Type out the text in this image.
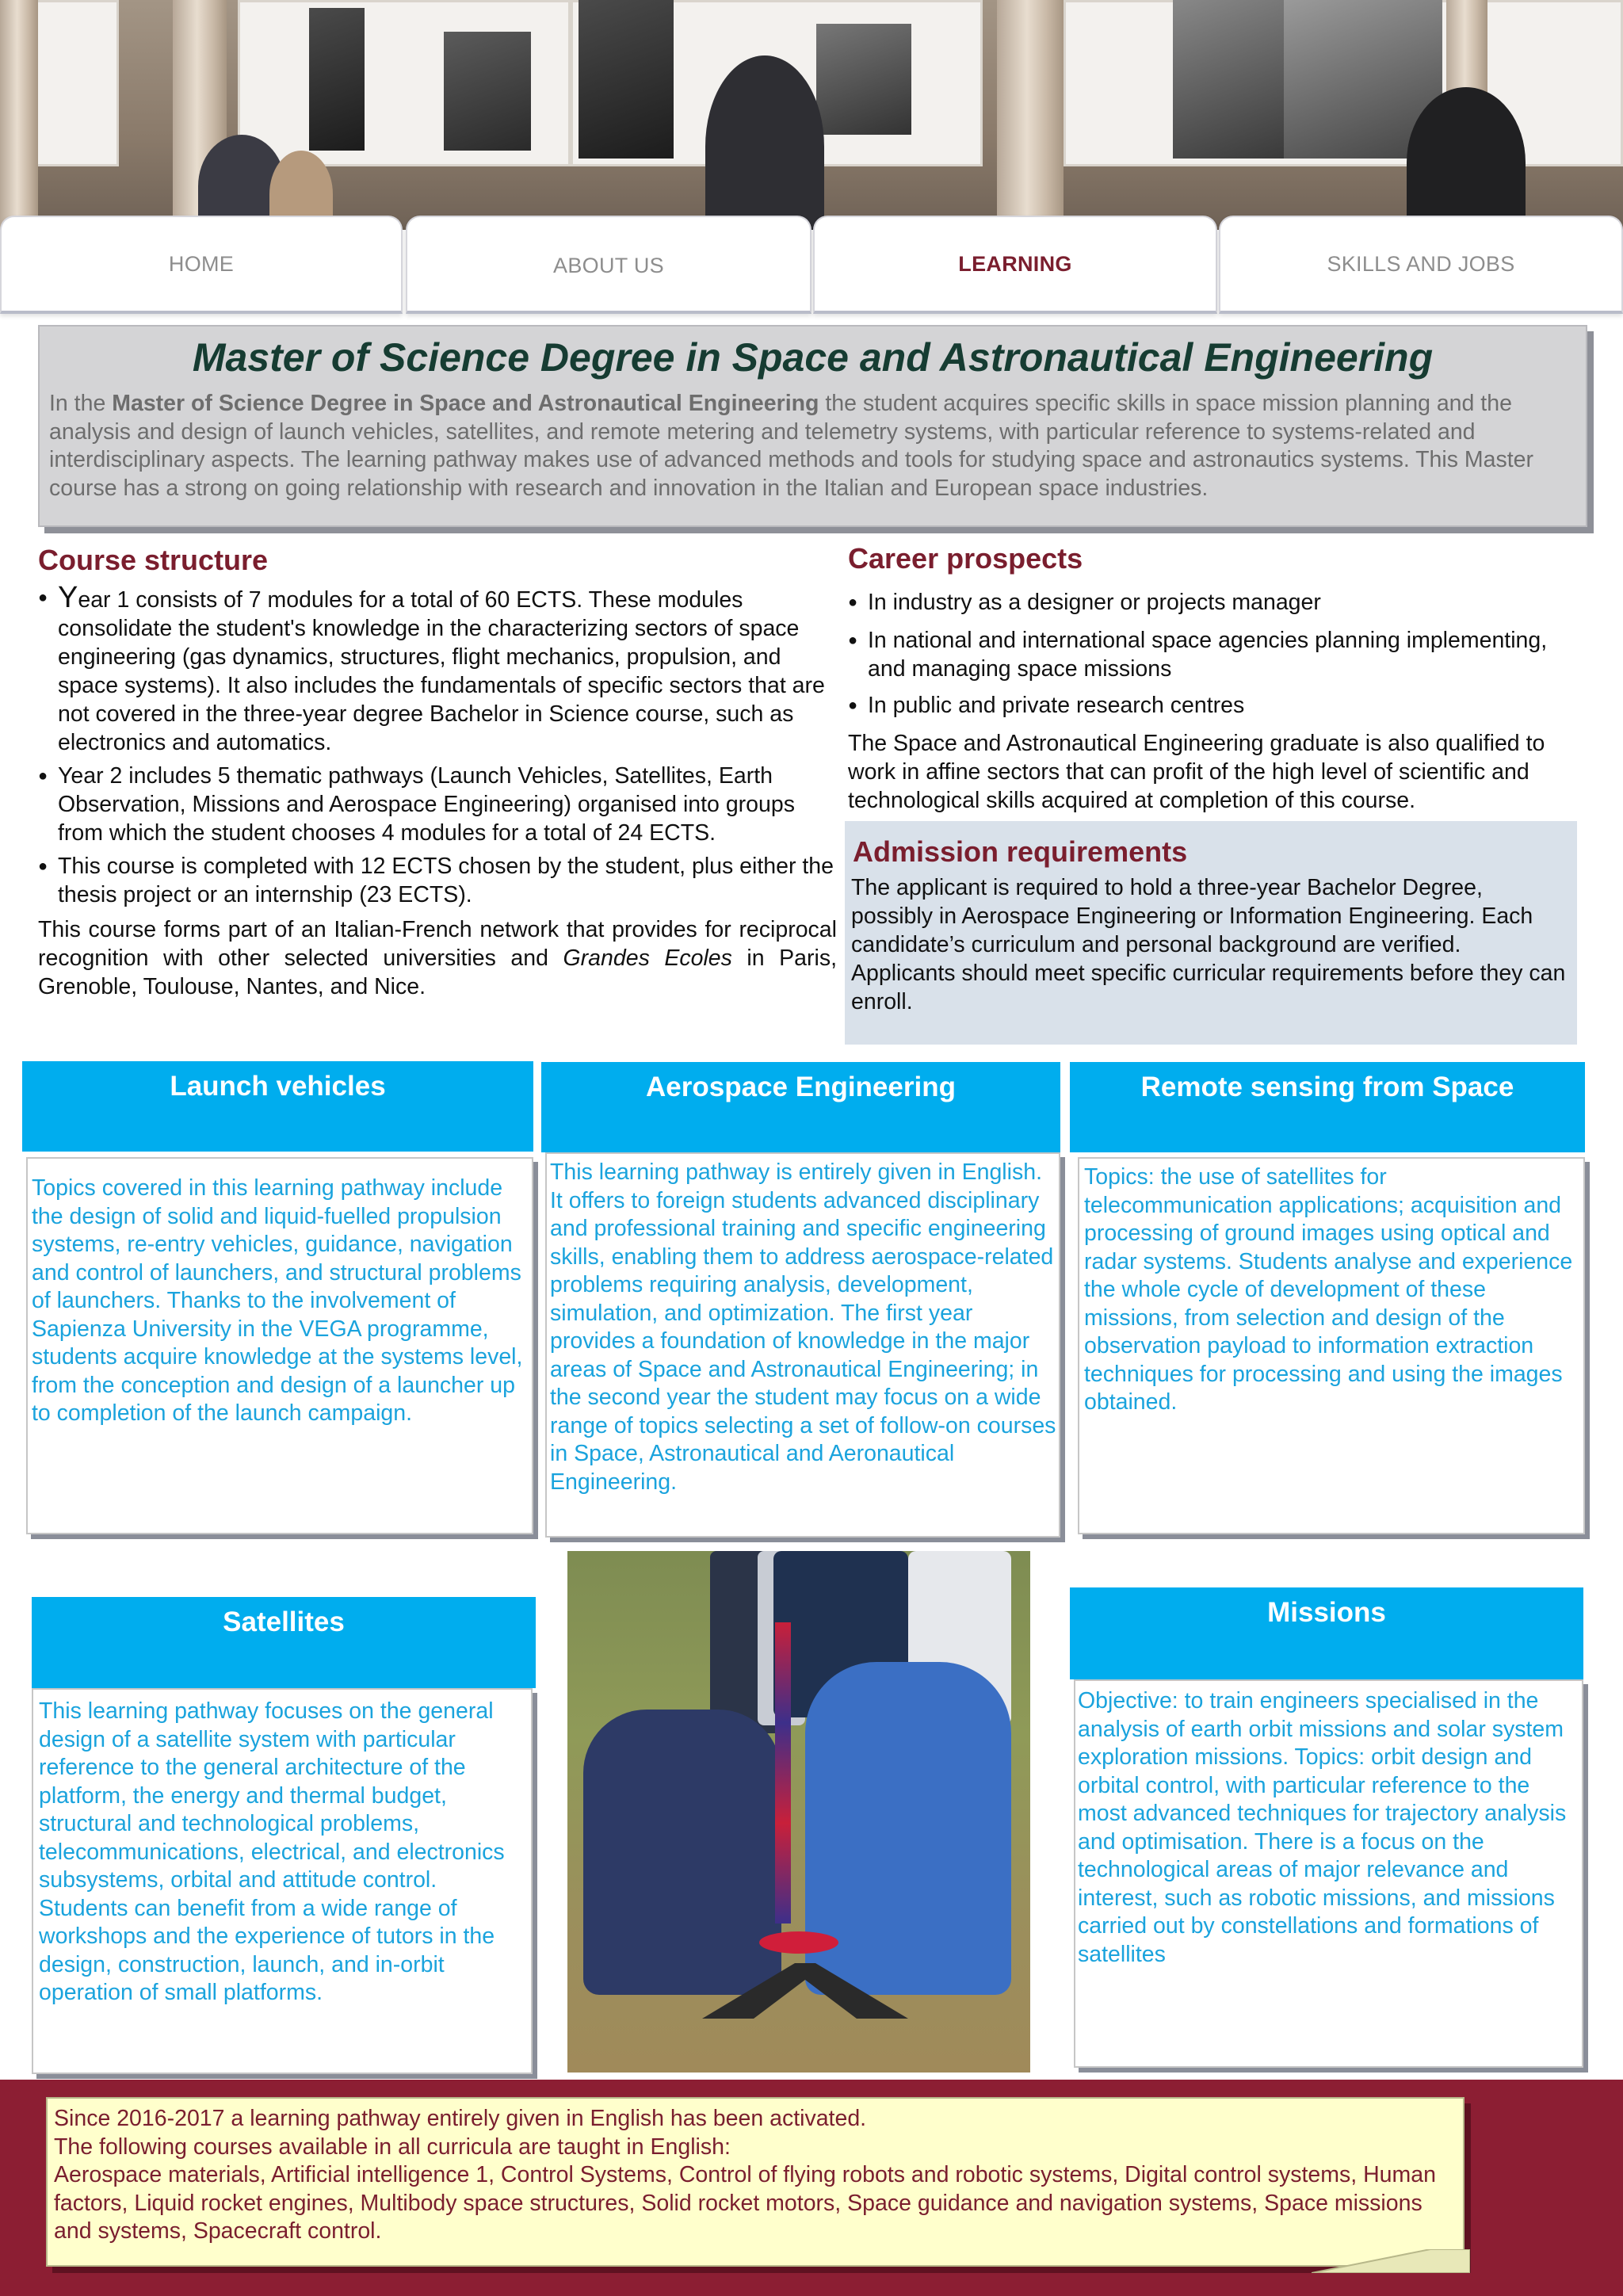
HOME	ABOUT US	LEARNING	SKILLS AND JOBS
Master of Science Degree in Space and Astronautical Engineering

In the Master of Science Degree in Space and Astronautical Engineering the student acquires specific skills in space mission planning and the analysis and design of launch vehicles, satellites, and remote metering and telemetry systems, with particular reference to systems-related and interdisciplinary aspects. The learning pathway makes use of advanced methods and tools for studying space and astronautics systems. This Master course has a strong on going relationship with research and innovation in the Italian and European space industries.

Course structure
● Year 1 consists of 7 modules for a total of 60 ECTS. These modules consolidate the student's knowledge in the characterizing sectors of space engineering (gas dynamics, structures, flight mechanics, propulsion, and space systems). It also includes the fundamentals of specific sectors that are not covered in the three-year degree Bachelor in Science course, such as electronics and automatics.
● Year 2 includes 5 thematic pathways (Launch Vehicles, Satellites, Earth Observation, Missions and Aerospace Engineering) organised into groups from which the student chooses 4 modules for a total of 24 ECTS.
● This course is completed with 12 ECTS chosen by the student, plus either the thesis project or an internship (23 ECTS).

This course forms part of an Italian-French network that provides for reciprocal recognition with other selected universities and Grandes Ecoles in Paris, Grenoble, Toulouse, Nantes, and Nice.

Career prospects
● In industry as a designer or projects manager
● In national and international space agencies planning implementing, and managing space missions
● In public and private research centres

The Space and Astronautical Engineering graduate is also qualified to work in affine sectors that can profit of the high level of scientific and technological skills acquired at completion of this course.

Admission requirements

The applicant is required to hold a three-year Bachelor Degree, possibly in Aerospace Engineering or Information Engineering. Each candidate’s curriculum and personal background are verified. Applicants should meet specific curricular requirements before they can enroll.

Launch vehicles

Topics covered in this learning pathway include the design of solid and liquid-fuelled propulsion systems, re-entry vehicles, guidance, navigation and control of launchers, and structural problems of launchers. Thanks to the involvement of Sapienza University in the VEGA programme, students acquire knowledge at the systems level, from the conception and design of a launcher up to completion of the launch campaign.

Aerospace Engineering

This learning pathway is entirely given in English. It offers to foreign students advanced disciplinary and professional training and specific engineering skills, enabling them to address aerospace-related problems requiring analysis, development, simulation, and optimization. The first year provides a foundation of knowledge in the major areas of Space and Astronautical Engineering; in the second year the student may focus on a wide range of topics selecting a set of follow-on courses in Space, Astronautical and Aeronautical Engineering.

Remote sensing from Space

Topics: the use of satellites for telecommunication applications; acquisition and processing of ground images using optical and radar systems. Students analyse and experience the whole cycle of development of these missions, from selection and design of the observation payload to information extraction techniques for processing and using the images obtained.

Satellites

This learning pathway focuses on the general design of a satellite system with particular reference to the general architecture of the platform, the energy and thermal budget, structural and technological problems, telecommunications, electrical, and electronics subsystems, orbital and attitude control. Students can benefit from a wide range of workshops and the experience of tutors in the design, construction, launch, and in-orbit operation of small platforms.

Missions

Objective: to train engineers specialised in the analysis of earth orbit missions and solar system exploration missions. Topics: orbit design and orbital control, with particular reference to the most advanced techniques for trajectory analysis and optimisation. There is a focus on the technological areas of major relevance and interest, such as robotic missions, and missions carried out by constellations and formations of satellites

Since 2016-2017 a learning pathway entirely given in English has been activated.
The following courses available in all curricula are taught in English:
Aerospace materials, Artificial intelligence 1, Control Systems, Control of flying robots and robotic systems, Digital control systems, Human factors, Liquid rocket engines, Multibody space structures, Solid rocket motors, Space guidance and navigation systems, Space missions and systems, Spacecraft control.
